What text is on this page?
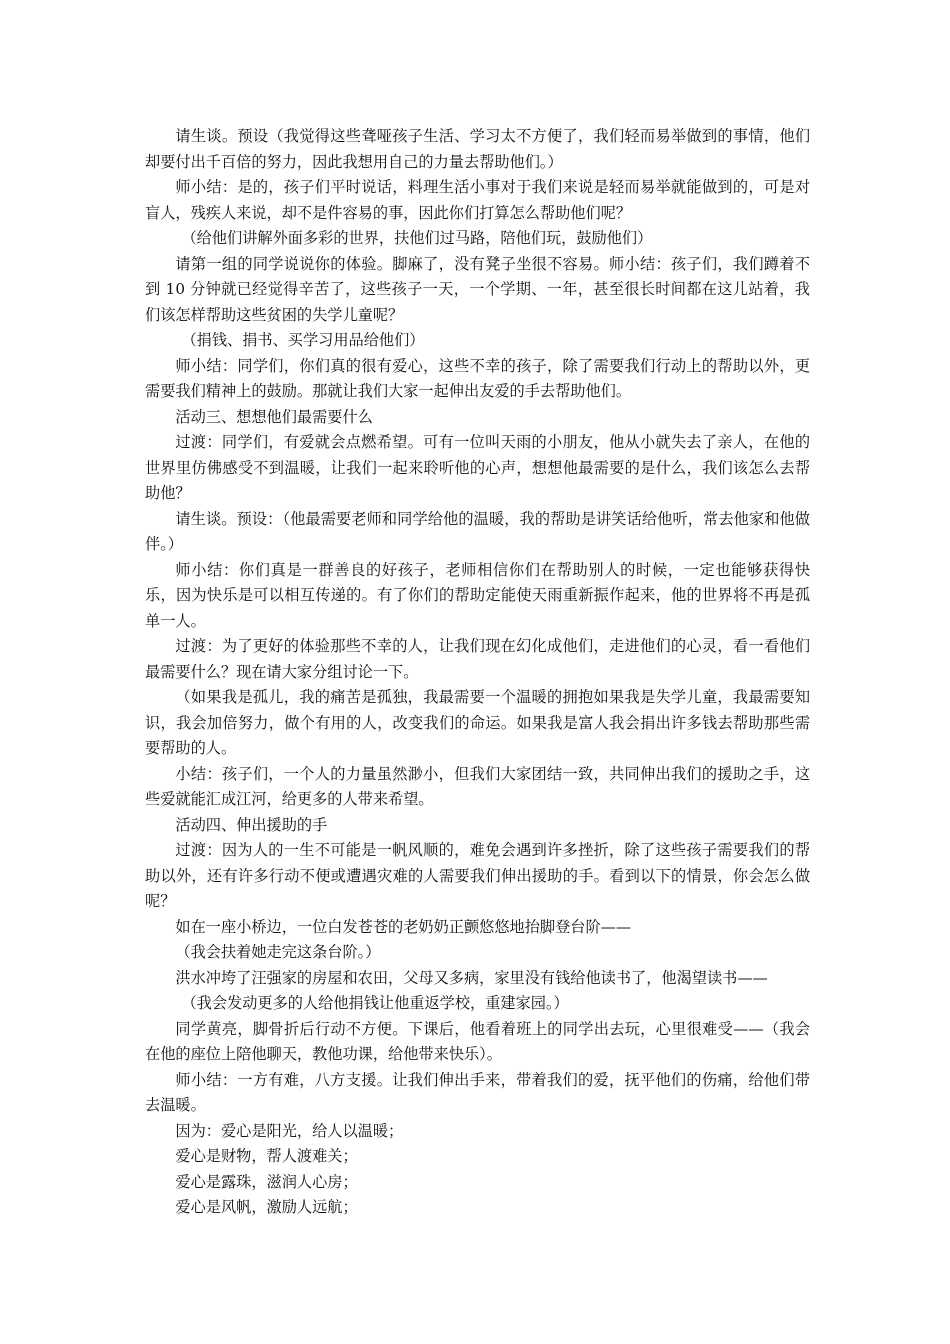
请生谈。预设（我觉得这些聋哑孩子生活、学习太不方便了，我们轻而易举做到的事情，他们却要付出千百倍的努力，因此我想用自己的力量去帮助他们。）

师小结：是的，孩子们平时说话，料理生活小事对于我们来说是轻而易举就能做到的，可是对盲人，残疾人来说，却不是件容易的事，因此你们打算怎么帮助他们呢？

（给他们讲解外面多彩的世界，扶他们过马路，陪他们玩，鼓励他们）

请第一组的同学说说你的体验。脚麻了，没有凳子坐很不容易。师小结：孩子们，我们蹲着不到 10 分钟就已经觉得辛苦了，这些孩子一天，一个学期、一年，甚至很长时间都在这儿站着，我们该怎样帮助这些贫困的失学儿童呢？

（捐钱、捐书、买学习用品给他们）

师小结：同学们，你们真的很有爱心，这些不幸的孩子，除了需要我们行动上的帮助以外，更需要我们精神上的鼓励。那就让我们大家一起伸出友爱的手去帮助他们。

活动三、想想他们最需要什么

过渡：同学们，有爱就会点燃希望。可有一位叫天雨的小朋友，他从小就失去了亲人，在他的世界里仿佛感受不到温暖，让我们一起来聆听他的心声，想想他最需要的是什么，我们该怎么去帮助他？

请生谈。预设：（他最需要老师和同学给他的温暖，我的帮助是讲笑话给他听，常去他家和他做伴。）

师小结：你们真是一群善良的好孩子，老师相信你们在帮助别人的时候，一定也能够获得快乐，因为快乐是可以相互传递的。有了你们的帮助定能使天雨重新振作起来，他的世界将不再是孤单一人。

过渡：为了更好的体验那些不幸的人，让我们现在幻化成他们，走进他们的心灵，看一看他们最需要什么？现在请大家分组讨论一下。

（如果我是孤儿，我的痛苦是孤独，我最需要一个温暖的拥抱如果我是失学儿童，我最需要知识，我会加倍努力，做个有用的人，改变我们的命运。如果我是富人我会捐出许多钱去帮助那些需要帮助的人。

小结：孩子们，一个人的力量虽然渺小，但我们大家团结一致，共同伸出我们的援助之手，这些爱就能汇成江河，给更多的人带来希望。

活动四、伸出援助的手

过渡：因为人的一生不可能是一帆风顺的，难免会遇到许多挫折，除了这些孩子需要我们的帮助以外，还有许多行动不便或遭遇灾难的人需要我们伸出援助的手。看到以下的情景，你会怎么做呢？

如在一座小桥边，一位白发苍苍的老奶奶正颤悠悠地抬脚登台阶——

（我会扶着她走完这条台阶。）

洪水冲垮了汪强家的房屋和农田，父母又多病，家里没有钱给他读书了，他渴望读书——

（我会发动更多的人给他捐钱让他重返学校，重建家园。）

同学黄亮，脚骨折后行动不方便。下课后，他看着班上的同学出去玩，心里很难受——（我会在他的座位上陪他聊天，教他功课，给他带来快乐）。

师小结：一方有难，八方支援。让我们伸出手来，带着我们的爱，抚平他们的伤痛，给他们带去温暖。

因为：爱心是阳光，给人以温暖；

爱心是财物，帮人渡难关；

爱心是露珠，滋润人心房；

爱心是风帆，激励人远航；
